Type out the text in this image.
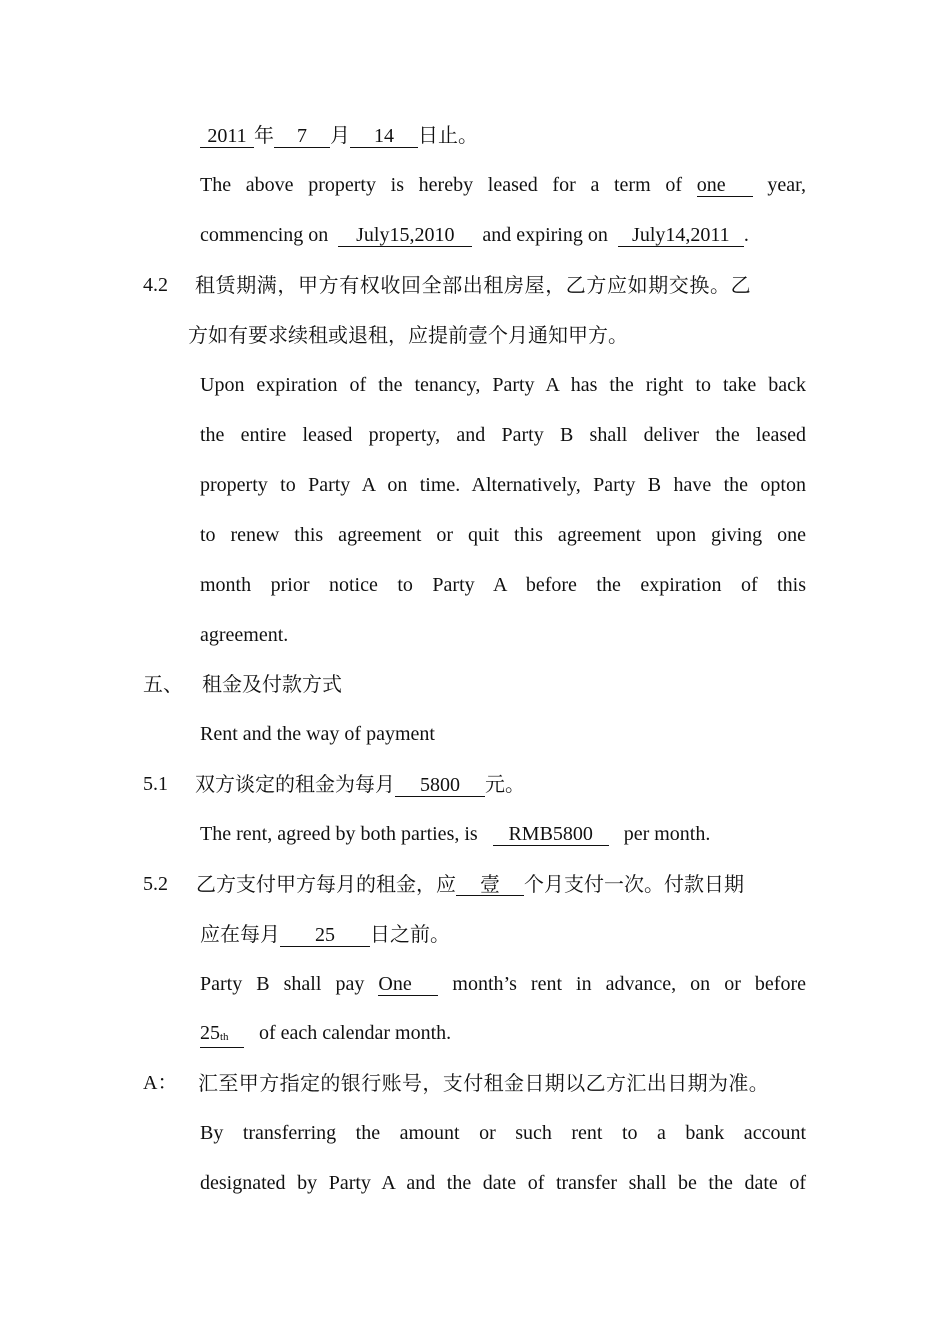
2011 年 7 月 14 日止。
The above property is hereby leased for a term of one year,
commencing on July15,2010 and expiring on July14,2011 .
4.2 租赁期满，甲方有权收回全部出租房屋，乙方应如期交换。乙
方如有要求续租或退租，应提前壹个月通知甲方。
Upon expiration of the tenancy, Party A has the right to take back
the entire leased property, and Party B shall deliver the leased
property to Party A on time. Alternatively, Party B have the opton
to renew this agreement or quit this agreement upon giving one
month prior notice to Party A before the expiration of this
agreement.
五、 租金及付款方式
Rent and the way of payment
5.1 双方谈定的租金为每月 5800 元。
The rent, agreed by both parties, is RMB5800 per month.
5.2 乙方支付甲方每月的租金，应 壹 个月支付一次。付款日期
应在每月 25 日之前。
Party B shall pay One month’s rent in advance, on or before
$25_{th}$ of each calendar month.
A： 汇至甲方指定的银行账号，支付租金日期以乙方汇出日期为准。
By transferring the amount or such rent to a bank account
designated by Party A and the date of transfer shall be the date of
